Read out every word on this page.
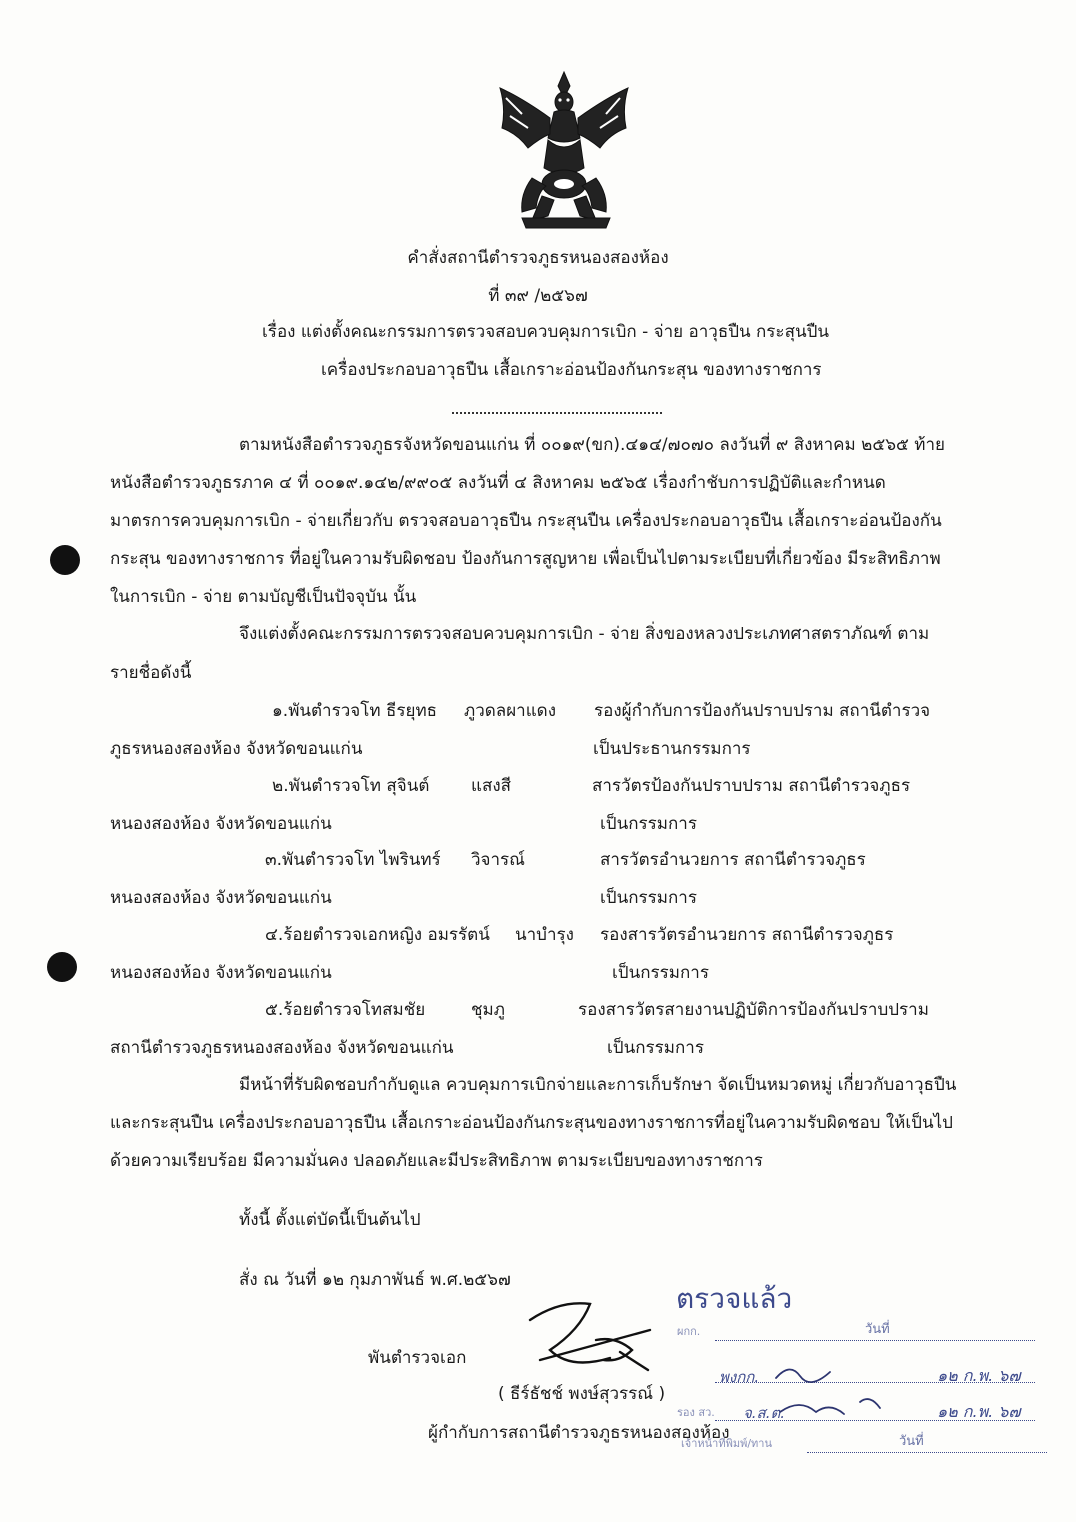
คำสั่งสถานีตำรวจภูธรหนองสองห้อง
ที่ ๓๙ /๒๕๖๗
เรื่อง แต่งตั้งคณะกรรมการตรวจสอบควบคุมการเบิก - จ่าย อาวุธปืน กระสุนปืน
เครื่องประกอบอาวุธปืน เสื้อเกราะอ่อนป้องกันกระสุน ของทางราชการ
ตามหนังสือตำรวจภูธรจังหวัดขอนแก่น ที่ ๐๐๑๙(ขก).๔๑๔/๗๐๗๐ ลงวันที่ ๙ สิงหาคม ๒๕๖๕ ท้าย
หนังสือตำรวจภูธรภาค ๔ ที่ ๐๐๑๙.๑๔๒/๙๙๐๕ ลงวันที่ ๔ สิงหาคม ๒๕๖๕ เรื่องกำชับการปฏิบัติและกำหนด
มาตรการควบคุมการเบิก - จ่ายเกี่ยวกับ ตรวจสอบอาวุธปืน กระสุนปืน เครื่องประกอบอาวุธปืน เสื้อเกราะอ่อนป้องกัน
กระสุน ของทางราชการ ที่อยู่ในความรับผิดชอบ ป้องกันการสูญหาย เพื่อเป็นไปตามระเบียบที่เกี่ยวข้อง มีระสิทธิภาพ
ในการเบิก - จ่าย ตามบัญชีเป็นปัจจุบัน นั้น
จึงแต่งตั้งคณะกรรมการตรวจสอบควบคุมการเบิก - จ่าย สิ่งของหลวงประเภทศาสตราภัณฑ์ ตาม
รายชื่อดังนี้
๑.พันตำรวจโท ธีรยุทธ ภูวดลผาแดง รองผู้กำกับการป้องกันปราบปราม สถานีตำรวจ
ภูธรหนองสองห้อง จังหวัดขอนแก่น	เป็นประธานกรรมการ
๒.พันตำรวจโท สุจินต์ แสงสี	สารวัตรป้องกันปราบปราม สถานีตำรวจภูธร
หนองสองห้อง จังหวัดขอนแก่น	เป็นกรรมการ
๓.พันตำรวจโท ไพรินทร์ วิจารณ์	สารวัตรอำนวยการ สถานีตำรวจภูธร
หนองสองห้อง จังหวัดขอนแก่น	เป็นกรรมการ
๔.ร้อยตำรวจเอกหญิง อมรรัตน์ นาบำรุง รองสารวัตรอำนวยการ สถานีตำรวจภูธร
หนองสองห้อง จังหวัดขอนแก่น	เป็นกรรมการ
๕.ร้อยตำรวจโทสมชัย	ชุมภู	รองสารวัตรสายงานปฏิบัติการป้องกันปราบปราม
สถานีตำรวจภูธรหนองสองห้อง จังหวัดขอนแก่น	เป็นกรรมการ
มีหน้าที่รับผิดชอบกำกับดูแล ควบคุมการเบิกจ่ายและการเก็บรักษา จัดเป็นหมวดหมู่ เกี่ยวกับอาวุธปืน
และกระสุนปืน เครื่องประกอบอาวุธปืน เสื้อเกราะอ่อนป้องกันกระสุนของทางราชการที่อยู่ในความรับผิดชอบ ให้เป็นไป
ด้วยความเรียบร้อย มีความมั่นคง ปลอดภัยและมีประสิทธิภาพ ตามระเบียบของทางราชการ
ทั้งนี้ ตั้งแต่บัดนี้เป็นต้นไป
สั่ง ณ วันที่ ๑๒ กุมภาพันธ์ พ.ศ.๒๕๖๗
พันตำรวจเอก
( ธีร์ธัชช์ พงษ์สุวรรณ์ )
ผู้กำกับการสถานีตำรวจภูธรหนองสองห้อง
ตรวจแล้ว
ผกก.	วันที่
พงกก.	๑๒ ก.พ. ๖๗
รอง สว. จ.ส.ต.	๑๒ ก.พ. ๖๗
เจ้าหน้าที่พิมพ์/ทาน	วันที่
